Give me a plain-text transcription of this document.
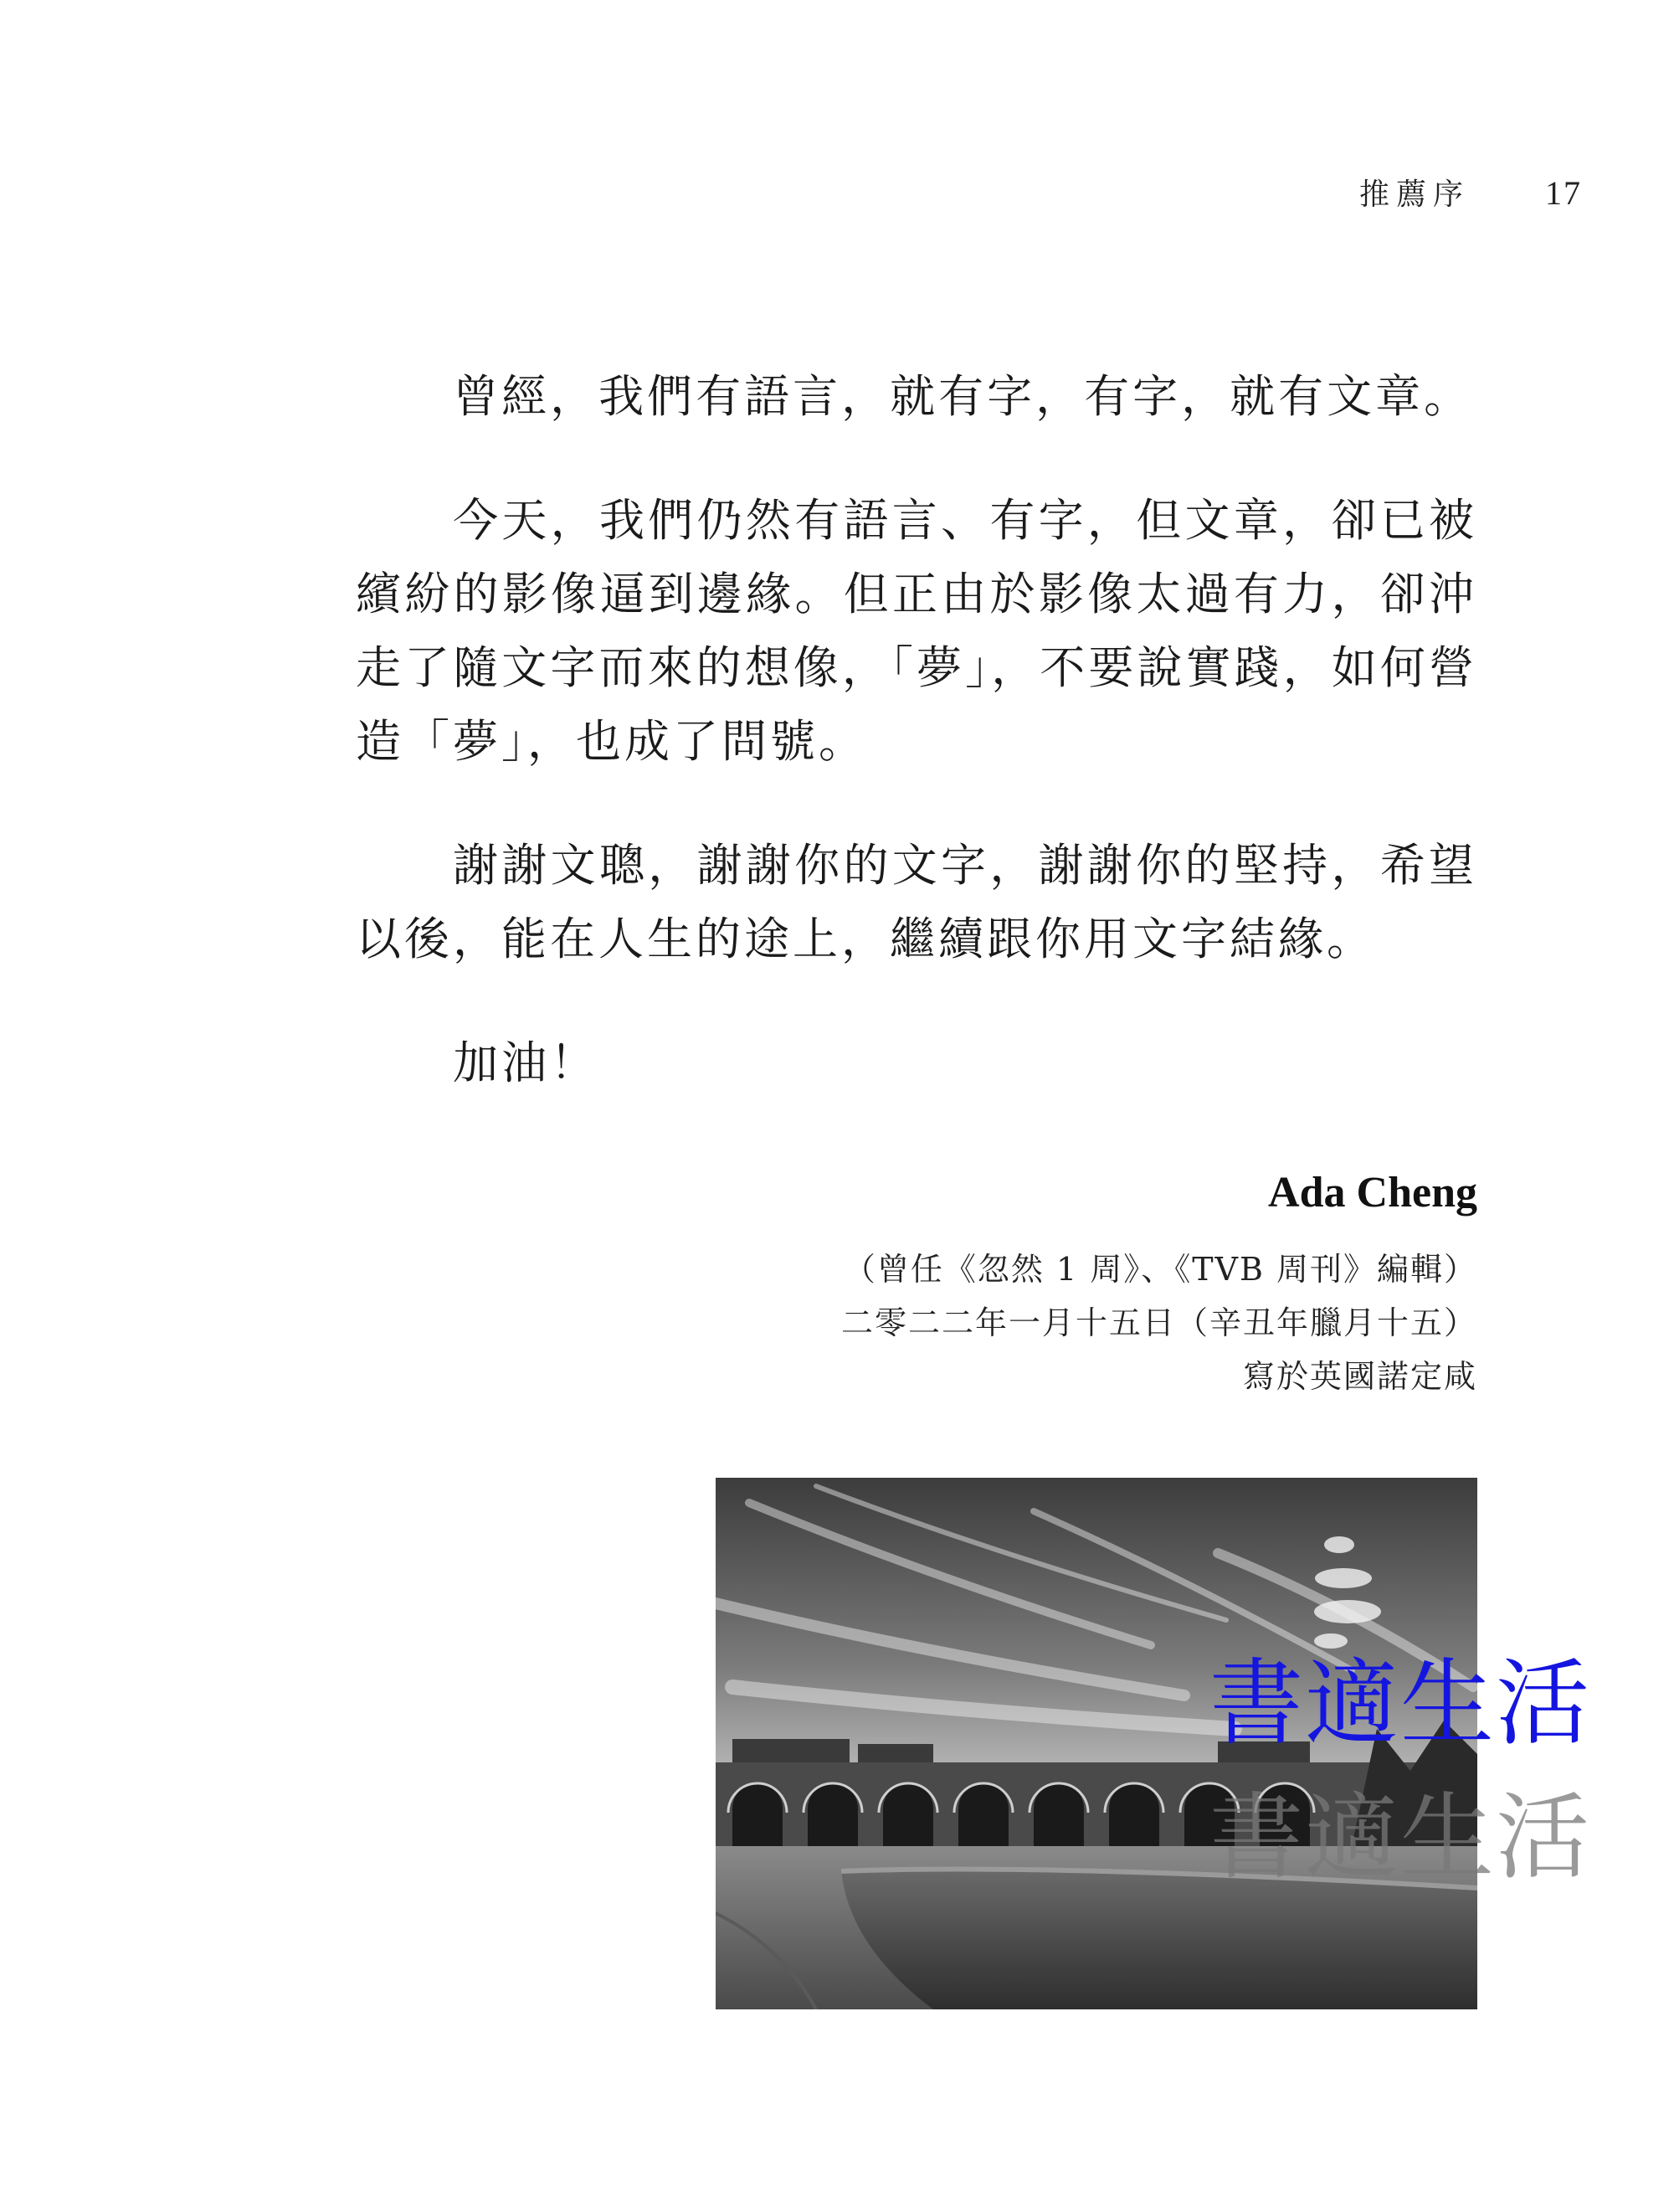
推薦序 17

曾經，我們有語言，就有字，有字，就有文章。

今天，我們仍然有語言、有字，但文章，卻已被繽紛的影像逼到邊緣。但正由於影像太過有力，卻沖走了隨文字而來的想像，「夢」，不要說實踐，如何營造「夢」，也成了問號。

謝謝文聰，謝謝你的文字，謝謝你的堅持，希望以後，能在人生的途上，繼續跟你用文字結緣。

加油！

Ada Cheng
（曾任《忽然 1 周》、《TVB 周刊》編輯）
二零二二年一月十五日（辛丑年臘月十五）
寫於英國諾定咸
書適生活
書適生活
